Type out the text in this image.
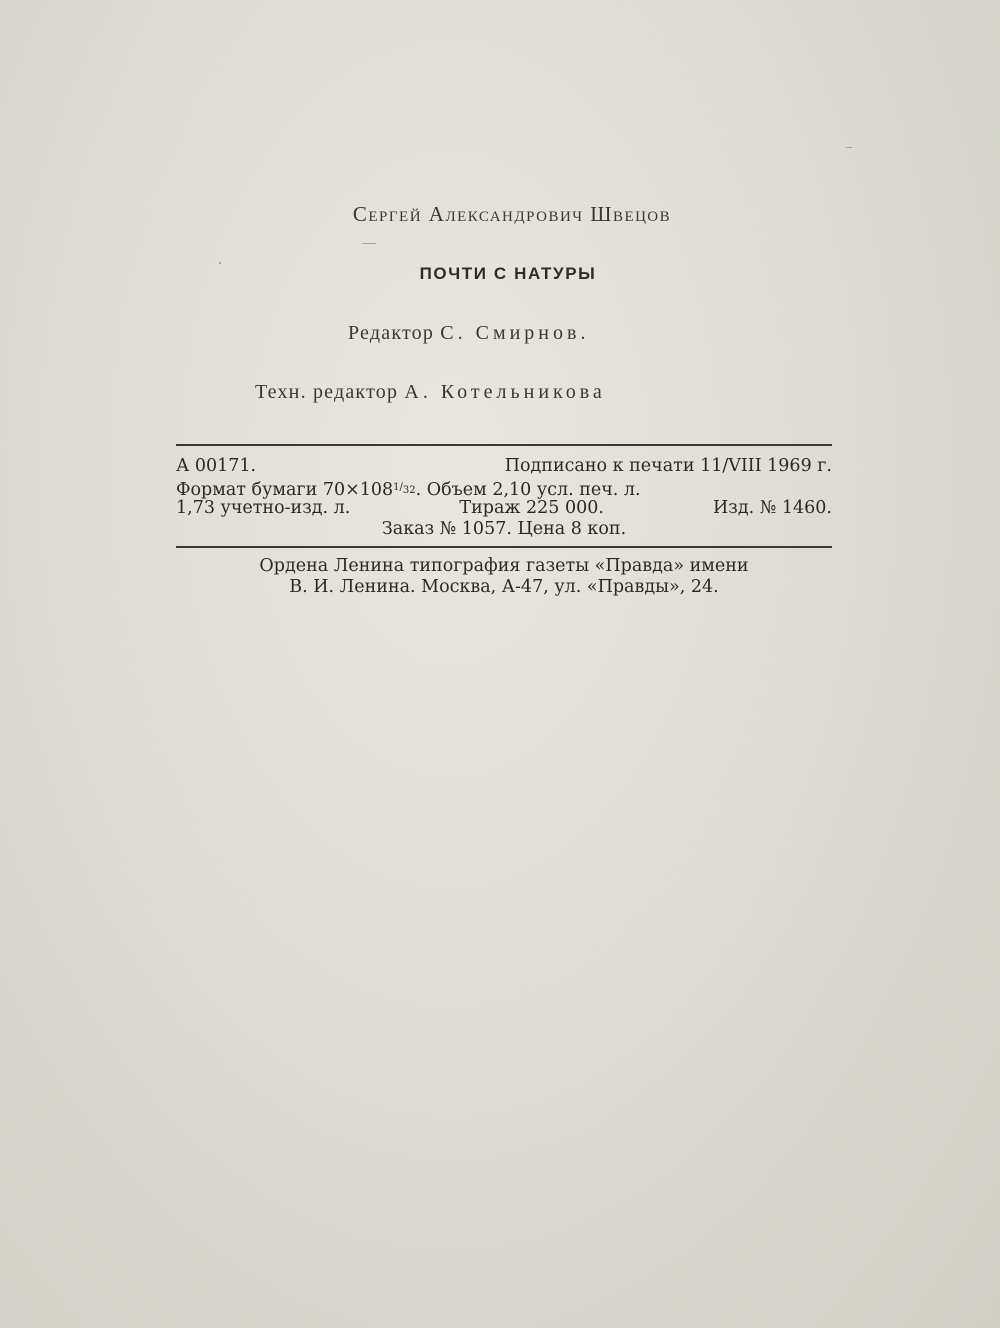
Сергей Александрович Швецов
ПОЧТИ С НАТУРЫ
Редактор С. Смирнов.
Техн. редактор А. Котельникова
А 00171.	Подписано к печати 11/VIII 1969 г.
Формат бумаги $70\times 108^{1/32}$. Объем 2,10 усл. печ. л.
1,73 учетно-изд. л.	Тираж 225 000.	Изд. № 1460.
Заказ № 1057. Цена 8 коп.
Ордена Ленина типография газеты «Правда» имени
В. И. Ленина. Москва, А-47, ул. «Правды», 24.
www.ay.by
